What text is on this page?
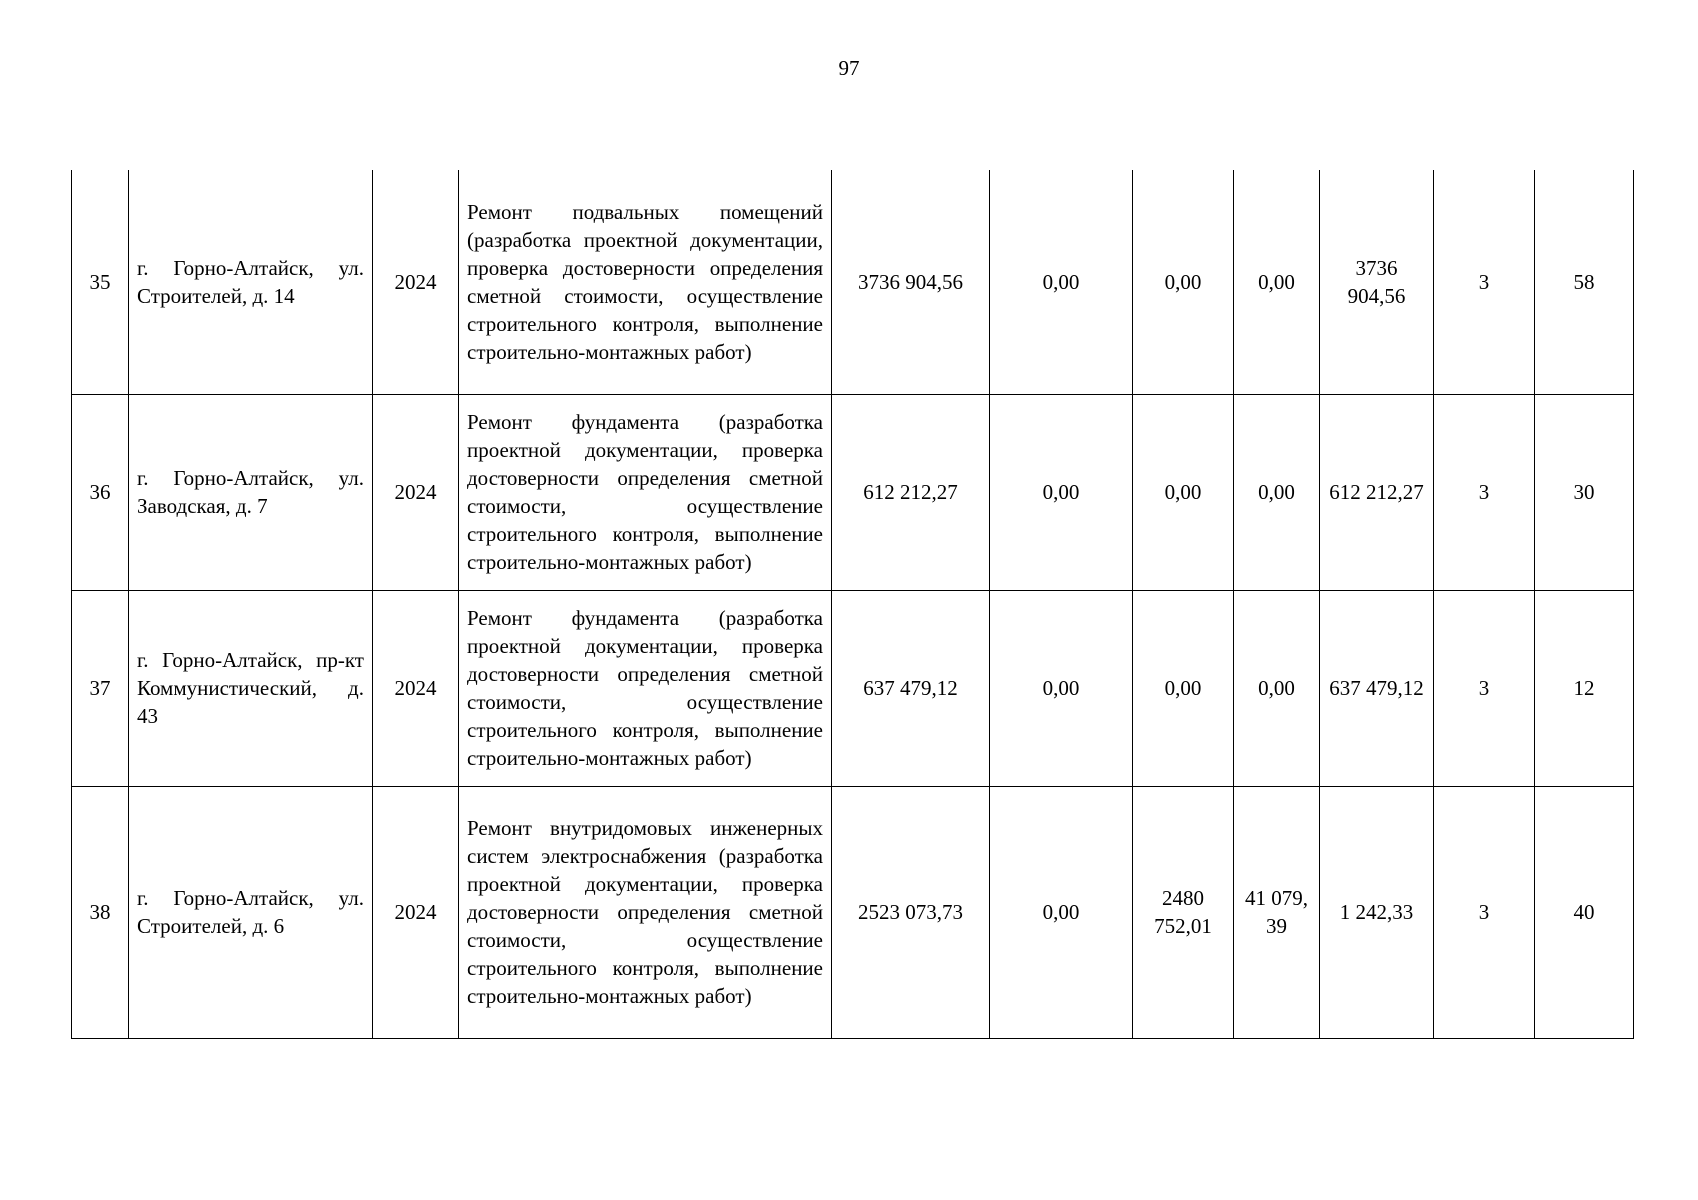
97
35	г. Горно-Алтайск, ул. Строителей, д. 14	2024	Ремонт подвальных помещений (разработка проектной документации, проверка достоверности определения сметной стоимости, осуществление строительного контроля, выполнение строительно-монтажных работ)	3736 904,56	0,00	0,00	0,00	3736 904,56	3	58
36	г. Горно-Алтайск, ул. Заводская, д. 7	2024	Ремонт фундамента (разработка проектной документации, проверка достоверности определения сметной стоимости, осуществление строительного контроля, выполнение строительно-монтажных работ)	612 212,27	0,00	0,00	0,00	612 212,27	3	30
37	г. Горно-Алтайск, пр-кт Коммунистический, д. 43	2024	Ремонт фундамента (разработка проектной документации, проверка достоверности определения сметной стоимости, осуществление строительного контроля, выполнение строительно-монтажных работ)	637 479,12	0,00	0,00	0,00	637 479,12	3	12
38	г. Горно-Алтайск, ул. Строителей, д. 6	2024	Ремонт внутридомовых инженерных систем электроснабжения (разработка проектной документации, проверка достоверности определения сметной стоимости, осуществление строительного контроля, выполнение строительно-монтажных работ)	2523 073,73	0,00	2480 752,01	41 079,39	1 242,33	3	40
